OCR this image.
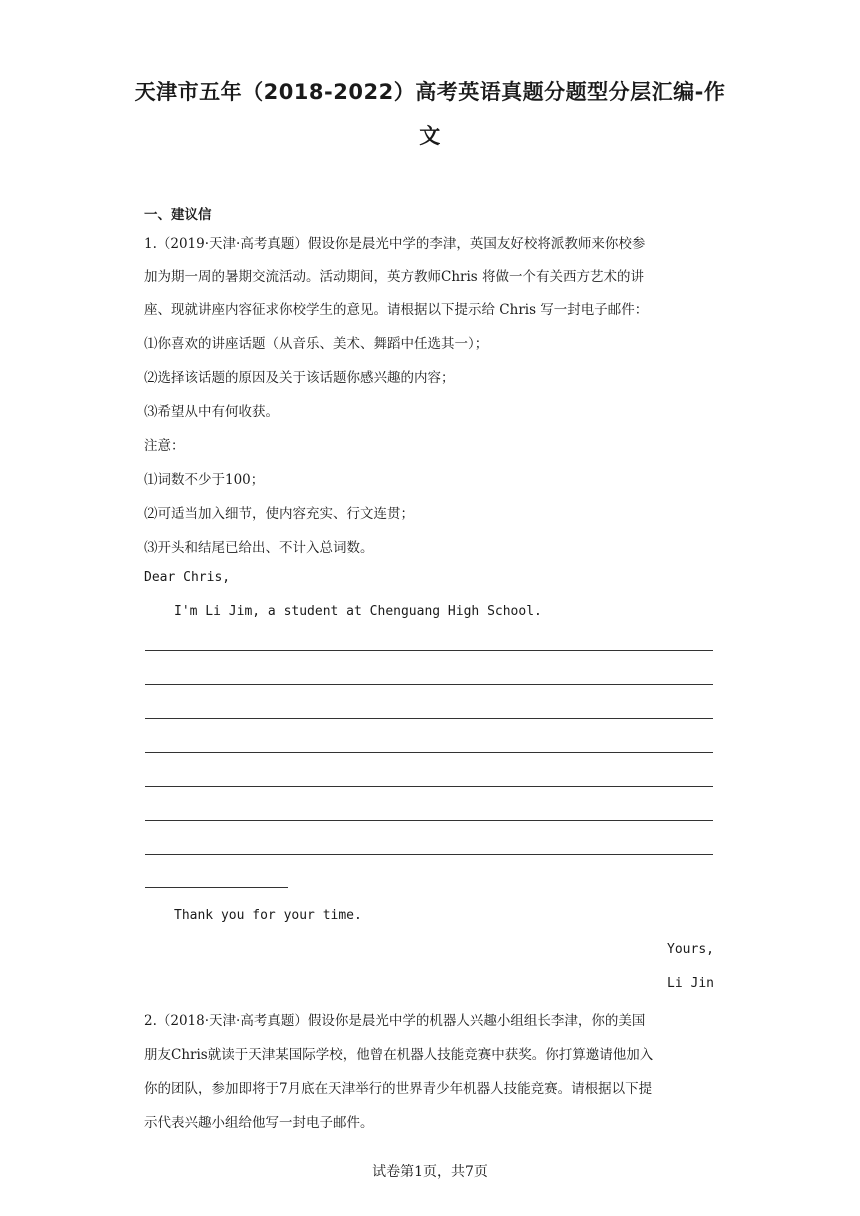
天津市五年（2018-2022）高考英语真题分题型分层汇编-作
文
一、建议信
1.（2019·天津·高考真题）假设你是晨光中学的李津，英国友好校将派教师来你校参
加为期一周的暑期交流活动。活动期间，英方教师Chris 将做一个有关西方艺术的讲
座、现就讲座内容征求你校学生的意见。请根据以下提示给 Chris 写一封电子邮件：
⑴你喜欢的讲座话题（从音乐、美术、舞蹈中任选其一）；
⑵选择该话题的原因及关于该话题你感兴趣的内容；
⑶希望从中有何收获。
注意：
⑴词数不少于100；
⑵可适当加入细节，使内容充实、行文连贯；
⑶开头和结尾已给出、不计入总词数。
Dear Chris,
I'm Li Jim, a student at Chenguang High School.
Thank you for your time.
Yours,
Li Jin
2.（2018·天津·高考真题）假设你是晨光中学的机器人兴趣小组组长李津，你的美国
朋友Chris就读于天津某国际学校，他曾在机器人技能竞赛中获奖。你打算邀请他加入
你的团队，参加即将于7月底在天津举行的世界青少年机器人技能竞赛。请根据以下提
示代表兴趣小组给他写一封电子邮件。
试卷第1页，共7页
